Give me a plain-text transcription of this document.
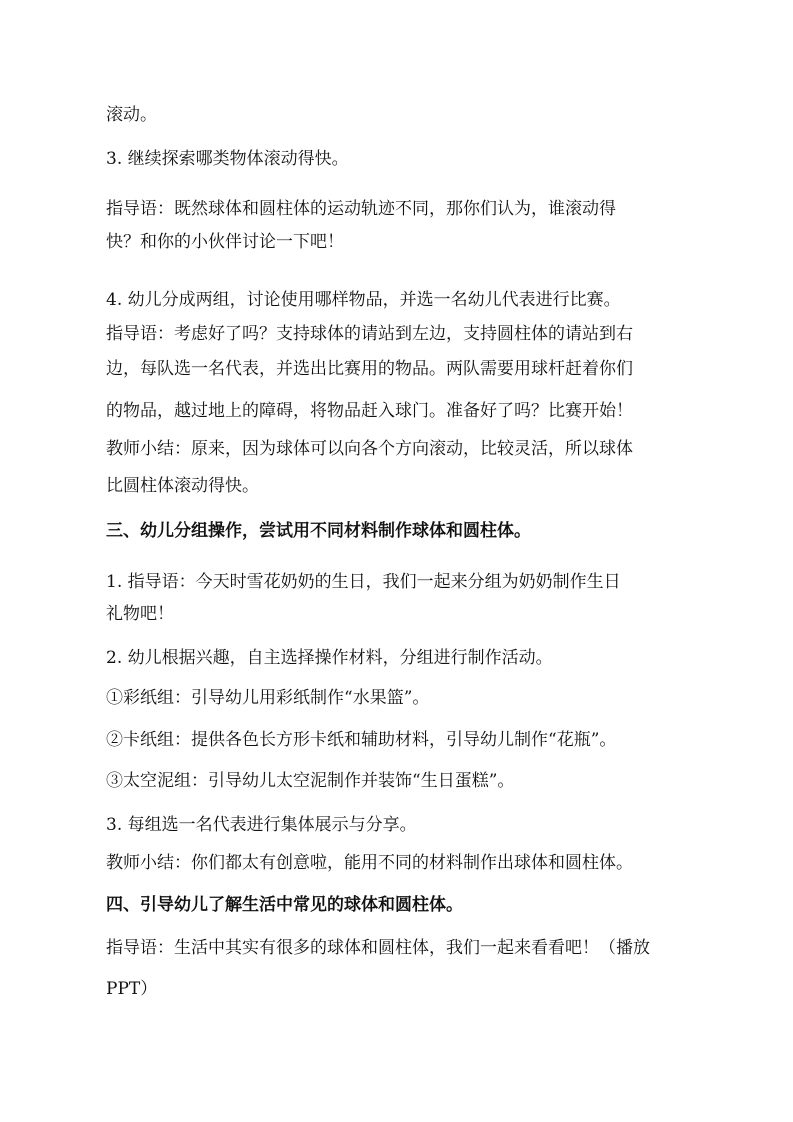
滚动。
3. 继续探索哪类物体滚动得快。
指导语：既然球体和圆柱体的运动轨迹不同，那你们认为，谁滚动得
快？和你的小伙伴讨论一下吧！
4. 幼儿分成两组，讨论使用哪样物品，并选一名幼儿代表进行比赛。
指导语：考虑好了吗？支持球体的请站到左边，支持圆柱体的请站到右
边，每队选一名代表，并选出比赛用的物品。两队需要用球杆赶着你们
的物品，越过地上的障碍，将物品赶入球门。准备好了吗？比赛开始！
教师小结：原来，因为球体可以向各个方向滚动，比较灵活，所以球体
比圆柱体滚动得快。
三、幼儿分组操作，尝试用不同材料制作球体和圆柱体。
1. 指导语：今天时雪花奶奶的生日，我们一起来分组为奶奶制作生日
礼物吧！
2. 幼儿根据兴趣，自主选择操作材料，分组进行制作活动。
①彩纸组：引导幼儿用彩纸制作“水果篮”。
②卡纸组：提供各色长方形卡纸和辅助材料，引导幼儿制作“花瓶”。
③太空泥组：引导幼儿太空泥制作并装饰“生日蛋糕”。
3. 每组选一名代表进行集体展示与分享。
教师小结：你们都太有创意啦，能用不同的材料制作出球体和圆柱体。
四、引导幼儿了解生活中常见的球体和圆柱体。
指导语：生活中其实有很多的球体和圆柱体，我们一起来看看吧！（播放
PPT）
